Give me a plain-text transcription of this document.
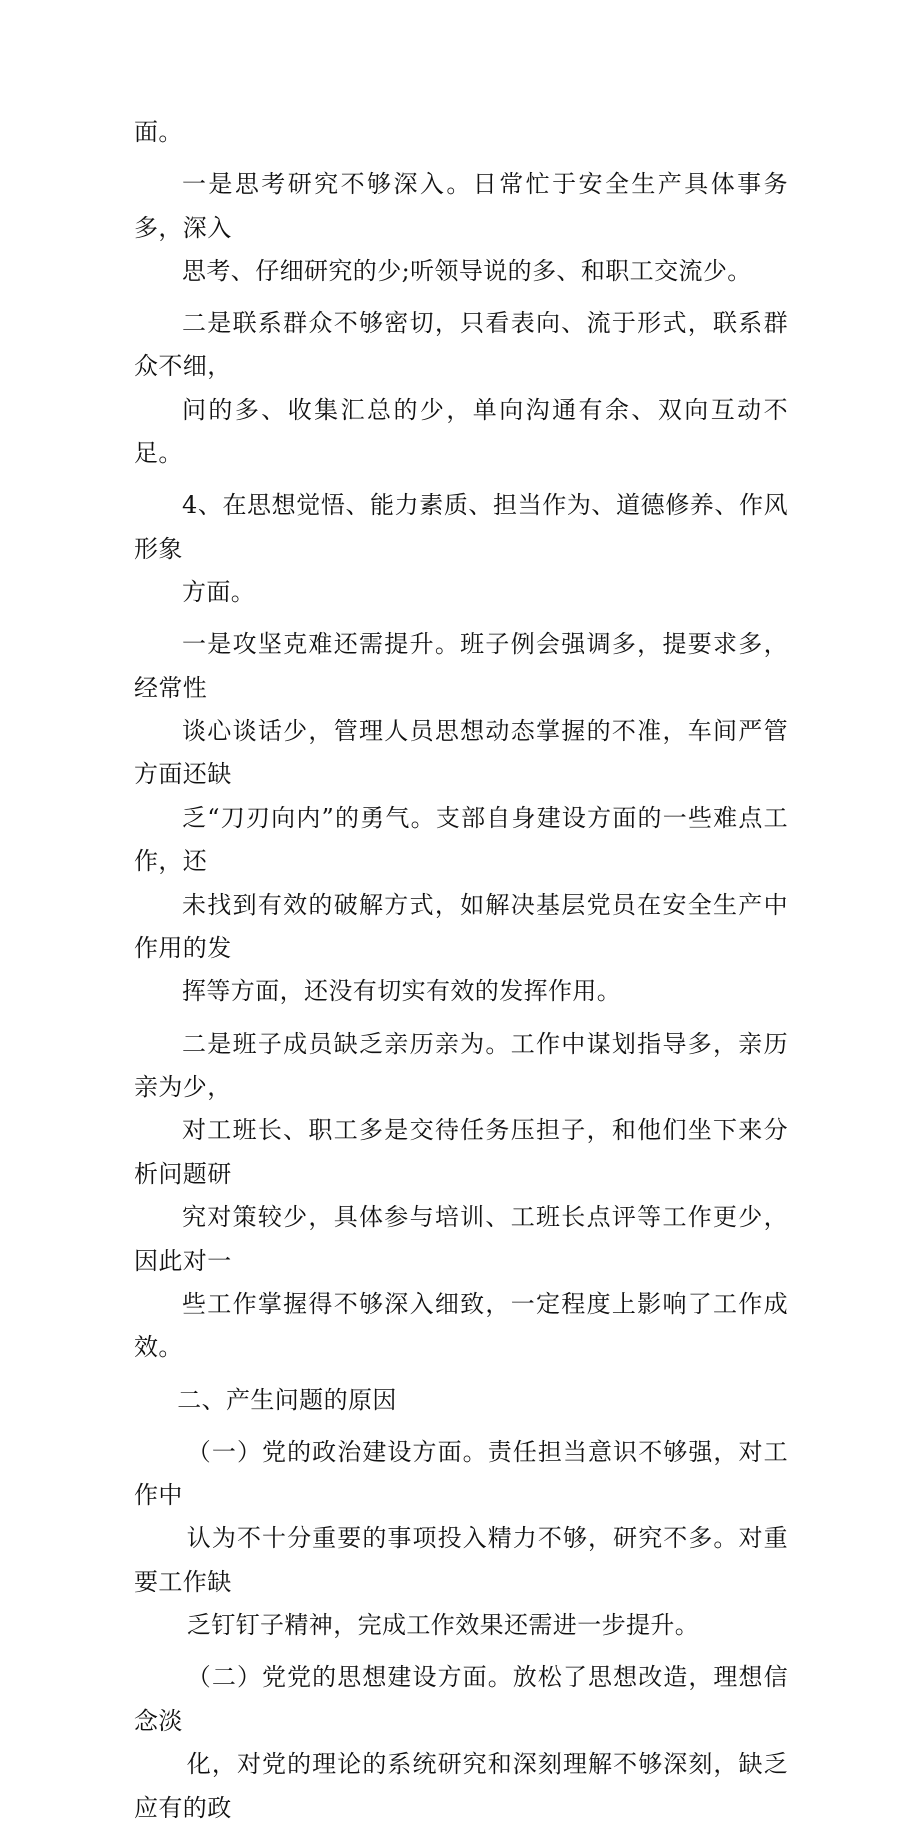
面。

一是思考研究不够深入。日常忙于安全生产具体事务多，深入
思考、仔细研究的少;听领导说的多、和职工交流少。

二是联系群众不够密切，只看表向、流于形式，联系群众不细，
问的多、收集汇总的少，单向沟通有余、双向互动不足。

4、在思想觉悟、能力素质、担当作为、道德修养、作风形象
方面。

一是攻坚克难还需提升。班子例会强调多，提要求多，经常性
谈心谈话少，管理人员思想动态掌握的不准，车间严管方面还缺
乏“刀刃向内”的勇气。支部自身建设方面的一些难点工作，还
未找到有效的破解方式，如解决基层党员在安全生产中作用的发
挥等方面，还没有切实有效的发挥作用。

二是班子成员缺乏亲历亲为。工作中谋划指导多，亲历亲为少，
对工班长、职工多是交待任务压担子，和他们坐下来分析问题研
究对策较少，具体参与培训、工班长点评等工作更少，因此对一
些工作掌握得不够深入细致，一定程度上影响了工作成效。

二、产生问题的原因

（一）党的政治建设方面。责任担当意识不够强，对工作中
认为不十分重要的事项投入精力不够，研究不多。对重要工作缺
乏钉钉子精神，完成工作效果还需进一步提升。

（二）党党的思想建设方面。放松了思想改造，理想信念淡
化，对党的理论的系统研究和深刻理解不够深刻，缺乏应有的政
